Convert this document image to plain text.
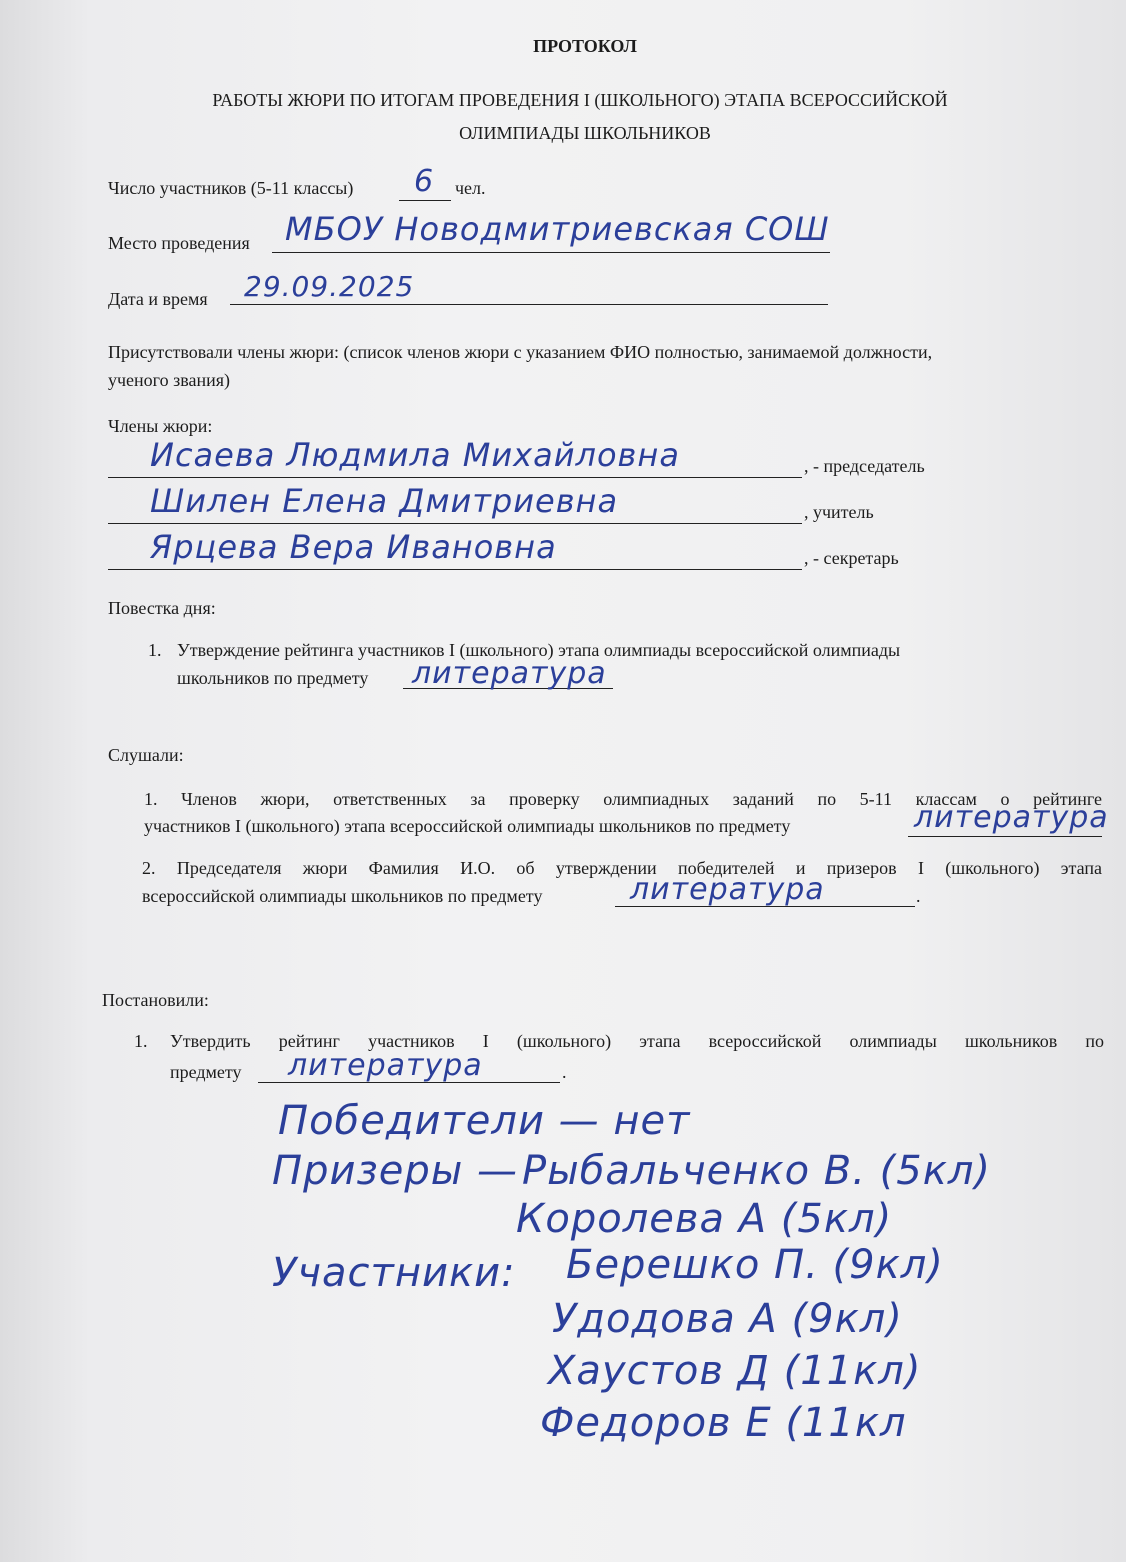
ПРОТОКОЛ
РАБОТЫ ЖЮРИ ПО ИТОГАМ ПРОВЕДЕНИЯ I (ШКОЛЬНОГО) ЭТАПА ВСЕРОССИЙСКОЙ
ОЛИМПИАДЫ ШКОЛЬНИКОВ
Число участников (5-11 классы) 6 чел.
Место проведения МБОУ Новодмитриевская СОШ
Дата и время 29.09.2025
Присутствовали члены жюри: (список членов жюри с указанием ФИО полностью, занимаемой должности,
ученого звания)
Члены жюри:
Исаева Людмила Михайловна	, - председатель
Шилен Елена Дмитриевна	, учитель
Ярцева Вера Ивановна	, - секретарь
Повестка дня:
1. Утверждение рейтинга участников I (школьного) этапа олимпиады всероссийской олимпиады
школьников по предмету литература
Слушали:
1. Членов жюри, ответственных за проверку олимпиадных заданий по 5-11 классам о рейтинге
участников I (школьного) этапа всероссийской олимпиады школьников по предмету	литература
2. Председателя жюри Фамилия И.О. об утверждении победителей и призеров I (школьного) этапа
всероссийской олимпиады школьников по предмету	литература	.
Постановили:
1. Утвердить рейтинг участников I (школьного) этапа всероссийской олимпиады школьников по
предмету литература	.
Победители — нет
Призеры — Рыбальченко В. (5кл)
Королева А (5кл)
Участники: Берешко П. (9кл)
Удодова А (9кл)
Хаустов Д (11кл)
Федоров Е (11кл
